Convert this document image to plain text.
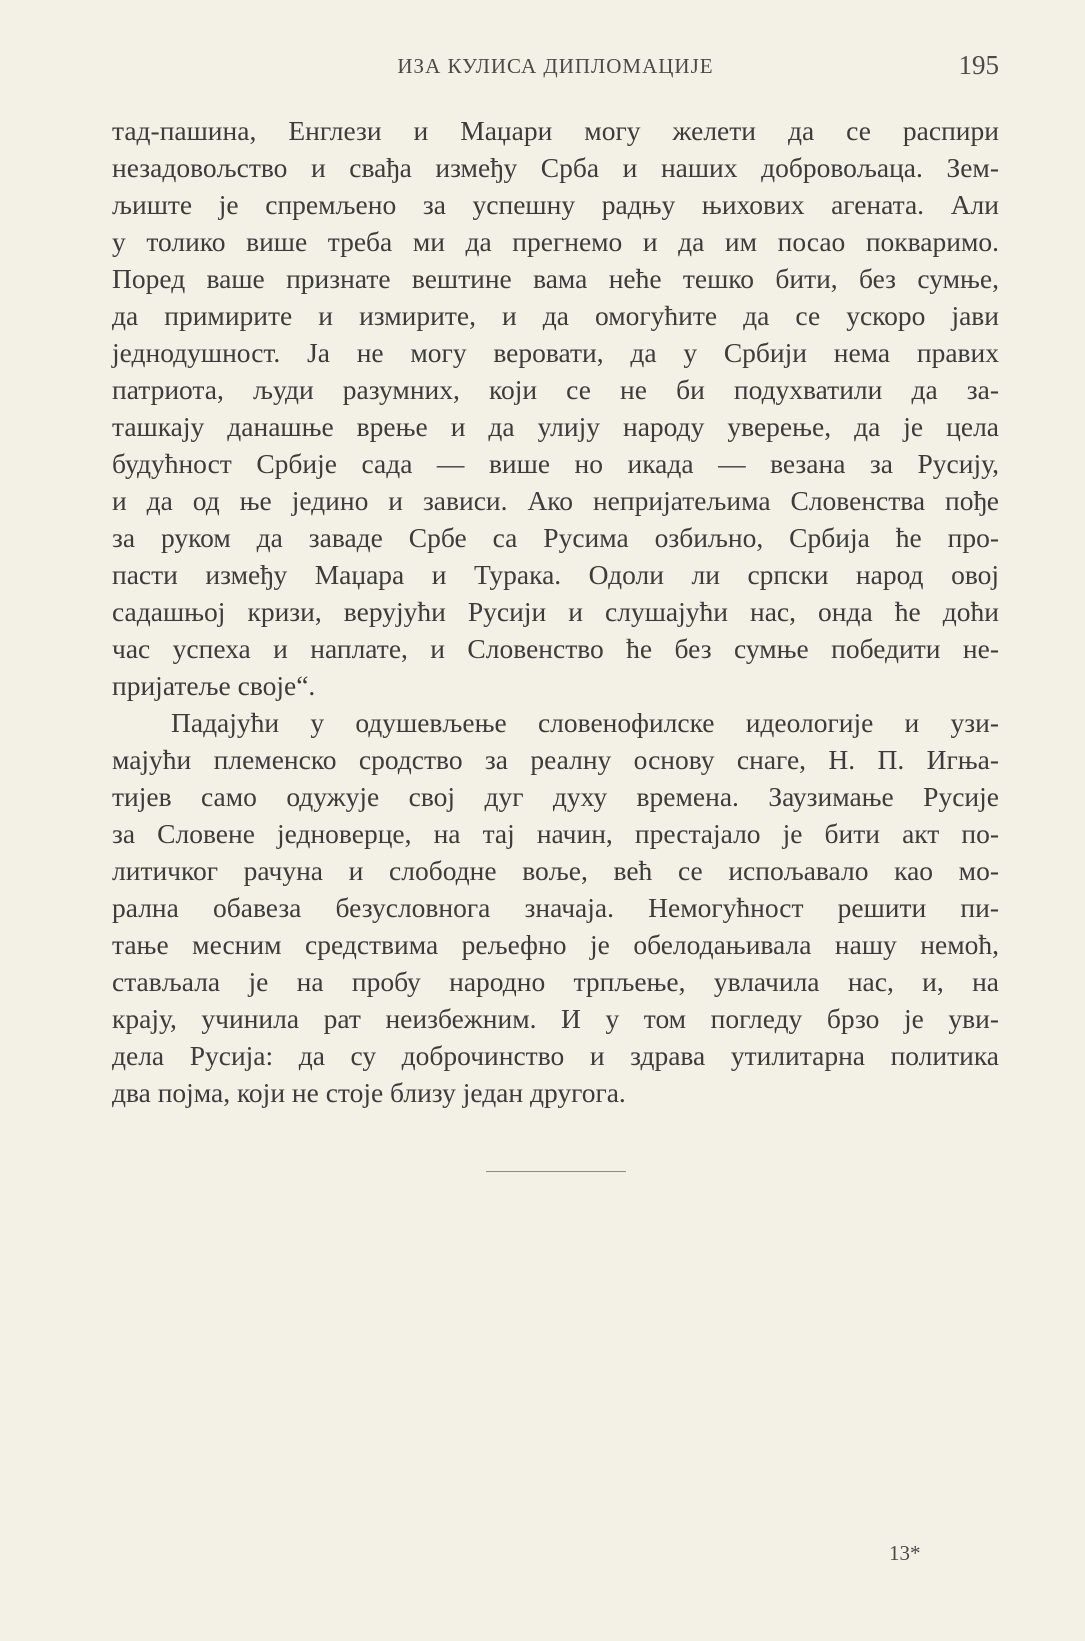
ИЗА КУЛИСА ДИПЛОМАЦИЈЕ	195
тад-пашина, Енглези и Маџари могу желети да се распири
незадовољство и свађа између Срба и наших добровољаца. Зем-
љиште је спремљено за успешну радњу њихових агената. Али
у толико више треба ми да прегнемо и да им посао покваримо.
Поред ваше признате вештине вама неће тешко бити, без сумње,
да примирите и измирите, и да омогућите да се ускоро јави
једнодушност. Ја не могу веровати, да у Србији нема правих
патриота, људи разумних, који се не би подухватили да за-
ташкају данашње врење и да улију народу уверење, да је цела
будућност Србије сада — више но икада — везана за Русију,
и да од ње једино и зависи. Ако непријатељима Словенства пође
за руком да заваде Србе са Русима озбиљно, Србија ће про-
пасти између Маџара и Турака. Одоли ли српски народ овој
садашњој кризи, верујући Русији и слушајући нас, онда ће доћи
час успеха и наплате, и Словенство ће без сумње победити не-
пријатеље своје“.
Падајући у одушевљење словенофилске идеологије и узи-
мајући племенско сродство за реалну основу снаге, Н. П. Игња-
тијев само одужује свој дуг духу времена. Заузимање Русије
за Словене једноверце, на тај начин, престајало је бити акт по-
литичког рачуна и слободне воље, већ се испољавало као мо-
рална обавеза безусловнога значаја. Немогућност решити пи-
тање месним средствима рељефно је обелодањивала нашу немоћ,
стављала је на пробу народно трпљење, увлачила нас, и, на
крају, учинила рат неизбежним. И у том погледу брзо је уви-
дела Русија: да су доброчинство и здрава утилитарна политика
два појма, који не стоје близу један другога.
13*
